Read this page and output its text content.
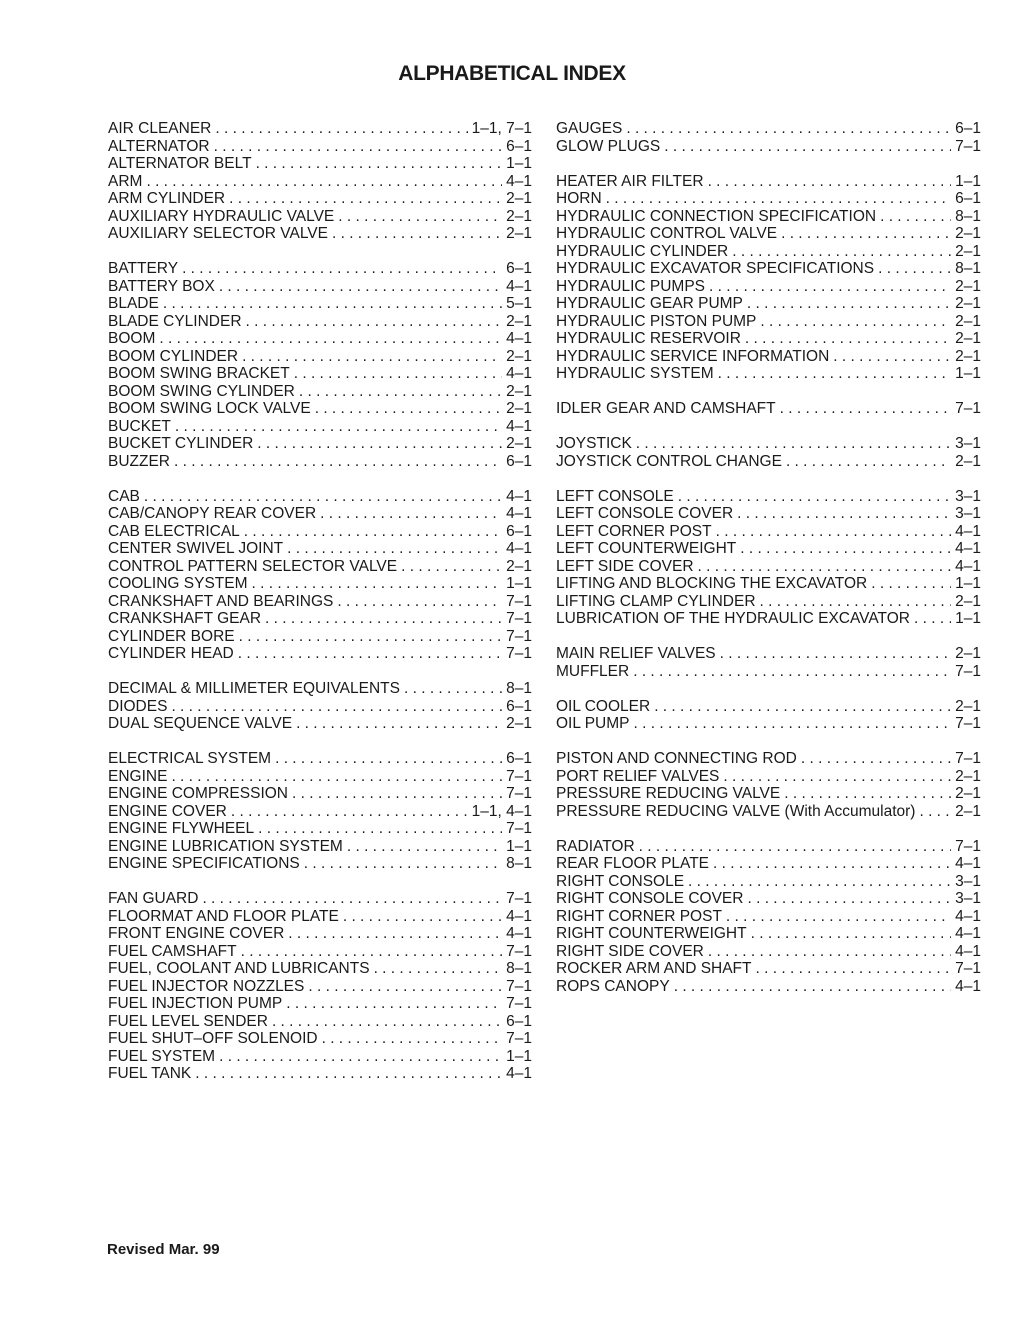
ALPHABETICAL INDEX
AIR CLEANER . . .	1–1, 7–1
ALTERNATOR . . .	6–1
ALTERNATOR BELT . . .	1–1
ARM . . .	4–1
ARM CYLINDER . . .	2–1
AUXILIARY HYDRAULIC VALVE . . .	2–1
AUXILIARY SELECTOR VALVE . . .	2–1
BATTERY . . .	6–1
BATTERY BOX . . .	4–1
BLADE . . .	5–1
BLADE CYLINDER . . .	2–1
BOOM . . .	4–1
BOOM CYLINDER . . .	2–1
BOOM SWING BRACKET . . .	4–1
BOOM SWING CYLINDER . . .	2–1
BOOM SWING LOCK VALVE . . .	2–1
BUCKET . . .	4–1
BUCKET CYLINDER . . .	2–1
BUZZER . . .	6–1
CAB . . .	4–1
CAB/CANOPY REAR COVER . . .	4–1
CAB ELECTRICAL . . .	6–1
CENTER SWIVEL JOINT . . .	4–1
CONTROL PATTERN SELECTOR VALVE . . .	2–1
COOLING SYSTEM . . .	1–1
CRANKSHAFT AND BEARINGS . . .	7–1
CRANKSHAFT GEAR . . .	7–1
CYLINDER BORE . . .	7–1
CYLINDER HEAD . . .	7–1
DECIMAL & MILLIMETER EQUIVALENTS . . .	8–1
DIODES . . .	6–1
DUAL SEQUENCE VALVE . . .	2–1
ELECTRICAL SYSTEM . . .	6–1
ENGINE . . .	7–1
ENGINE COMPRESSION . . .	7–1
ENGINE COVER . . .	1–1, 4–1
ENGINE FLYWHEEL . . .	7–1
ENGINE LUBRICATION SYSTEM . . .	1–1
ENGINE SPECIFICATIONS . . .	8–1
FAN GUARD . . .	7–1
FLOORMAT AND FLOOR PLATE . . .	4–1
FRONT ENGINE COVER . . .	4–1
FUEL CAMSHAFT . . .	7–1
FUEL, COOLANT AND LUBRICANTS . . .	8–1
FUEL INJECTOR NOZZLES . . .	7–1
FUEL INJECTION PUMP . . .	7–1
FUEL LEVEL SENDER . . .	6–1
FUEL SHUT–OFF SOLENOID . . .	7–1
FUEL SYSTEM . . .	1–1
FUEL TANK . . .	4–1
GAUGES . . .	6–1
GLOW PLUGS . . .	7–1
HEATER AIR FILTER . . .	1–1
HORN . . .	6–1
HYDRAULIC CONNECTION SPECIFICATION . . .	8–1
HYDRAULIC CONTROL VALVE . . .	2–1
HYDRAULIC CYLINDER . . .	2–1
HYDRAULIC EXCAVATOR SPECIFICATIONS . . .	8–1
HYDRAULIC PUMPS . . .	2–1
HYDRAULIC GEAR PUMP . . .	2–1
HYDRAULIC PISTON PUMP . . .	2–1
HYDRAULIC RESERVOIR . . .	2–1
HYDRAULIC SERVICE INFORMATION . . .	2–1
HYDRAULIC SYSTEM . . .	1–1
IDLER GEAR AND CAMSHAFT . . .	7–1
JOYSTICK . . .	3–1
JOYSTICK CONTROL CHANGE . . .	2–1
LEFT CONSOLE . . .	3–1
LEFT CONSOLE COVER . . .	3–1
LEFT CORNER POST . . .	4–1
LEFT COUNTERWEIGHT . . .	4–1
LEFT SIDE COVER . . .	4–1
LIFTING AND BLOCKING THE EXCAVATOR . . .	1–1
LIFTING CLAMP CYLINDER . . .	2–1
LUBRICATION OF THE HYDRAULIC EXCAVATOR . . .	1–1
MAIN RELIEF VALVES . . .	2–1
MUFFLER . . .	7–1
OIL COOLER . . .	2–1
OIL PUMP . . .	7–1
PISTON AND CONNECTING ROD . . .	7–1
PORT RELIEF VALVES . . .	2–1
PRESSURE REDUCING VALVE . . .	2–1
PRESSURE REDUCING VALVE (With Accumulator) . . .	2–1
RADIATOR . . .	7–1
REAR FLOOR PLATE . . .	4–1
RIGHT CONSOLE . . .	3–1
RIGHT CONSOLE COVER . . .	3–1
RIGHT CORNER POST . . .	4–1
RIGHT COUNTERWEIGHT . . .	4–1
RIGHT SIDE COVER . . .	4–1
ROCKER ARM AND SHAFT . . .	7–1
ROPS CANOPY . . .	4–1
Revised Mar. 99
